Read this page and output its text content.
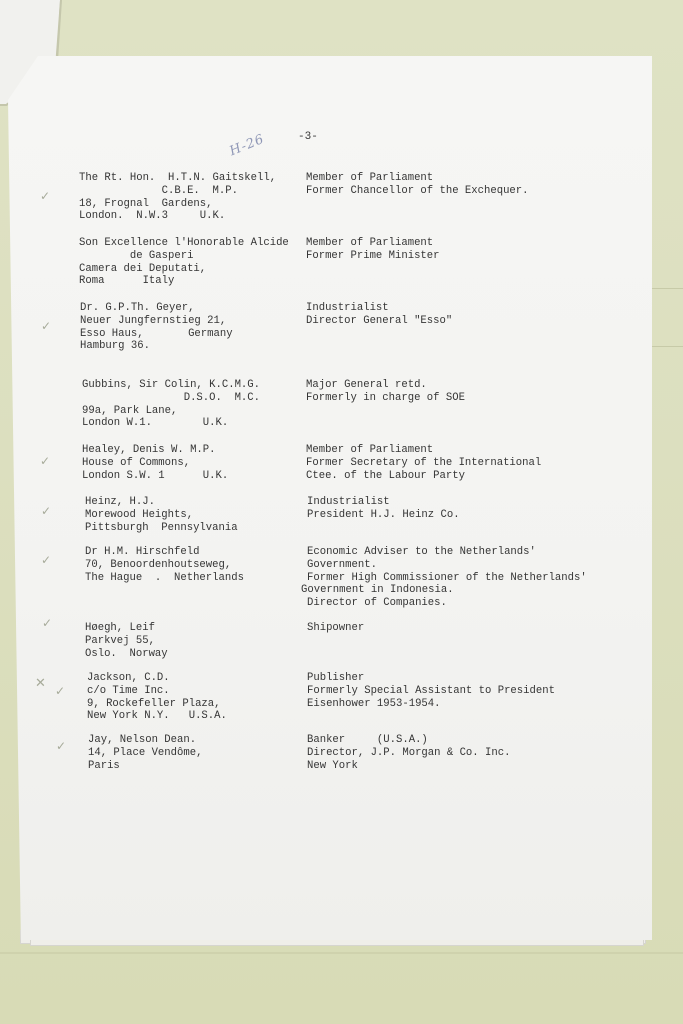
-3-
H-26
✓
✓
✓
✓
✓
✓
✕ ✓
✓
The Rt. Hon.  H.T.N. Gaitskell,
C.B.E.  M.P.
18, Frognal  Gardens,
London.  N.W.3     U.K.
Member of Parliament
Former Chancellor of the Exchequer.
Son Excellence l'Honorable Alcide
de Gasperi
Camera dei Deputati,
Roma      Italy
Member of Parliament
Former Prime Minister
Dr. G.P.Th. Geyer,
Neuer Jungfernstieg 21,
Esso Haus,       Germany
Hamburg 36.
Industrialist
Director General "Esso"
Gubbins, Sir Colin, K.C.M.G.
D.S.O.  M.C.
99a, Park Lane,
London W.1.        U.K.
Major General retd.
Formerly in charge of SOE
Healey, Denis W. M.P.
House of Commons,
London S.W. 1      U.K.
Member of Parliament
Former Secretary of the International
Ctee. of the Labour Party
Heinz, H.J.
Morewood Heights,
Pittsburgh  Pennsylvania
Industrialist
President H.J. Heinz Co.
Dr H.M. Hirschfeld
70, Benoordenhoutseweg,
The Hague  .  Netherlands
Economic Adviser to the Netherlands'
Government.
Former High Commissioner of the Netherlands'
Government in Indonesia.
Director of Companies.
Høegh, Leif
Parkvej 55,
Oslo.  Norway
Shipowner
Jackson, C.D.
c/o Time Inc.
9, Rockefeller Plaza,
New York N.Y.   U.S.A.
Publisher
Formerly Special Assistant to President
Eisenhower 1953-1954.
Jay, Nelson Dean.
14, Place Vendôme,
Paris
Banker     (U.S.A.)
Director, J.P. Morgan & Co. Inc.
New York
